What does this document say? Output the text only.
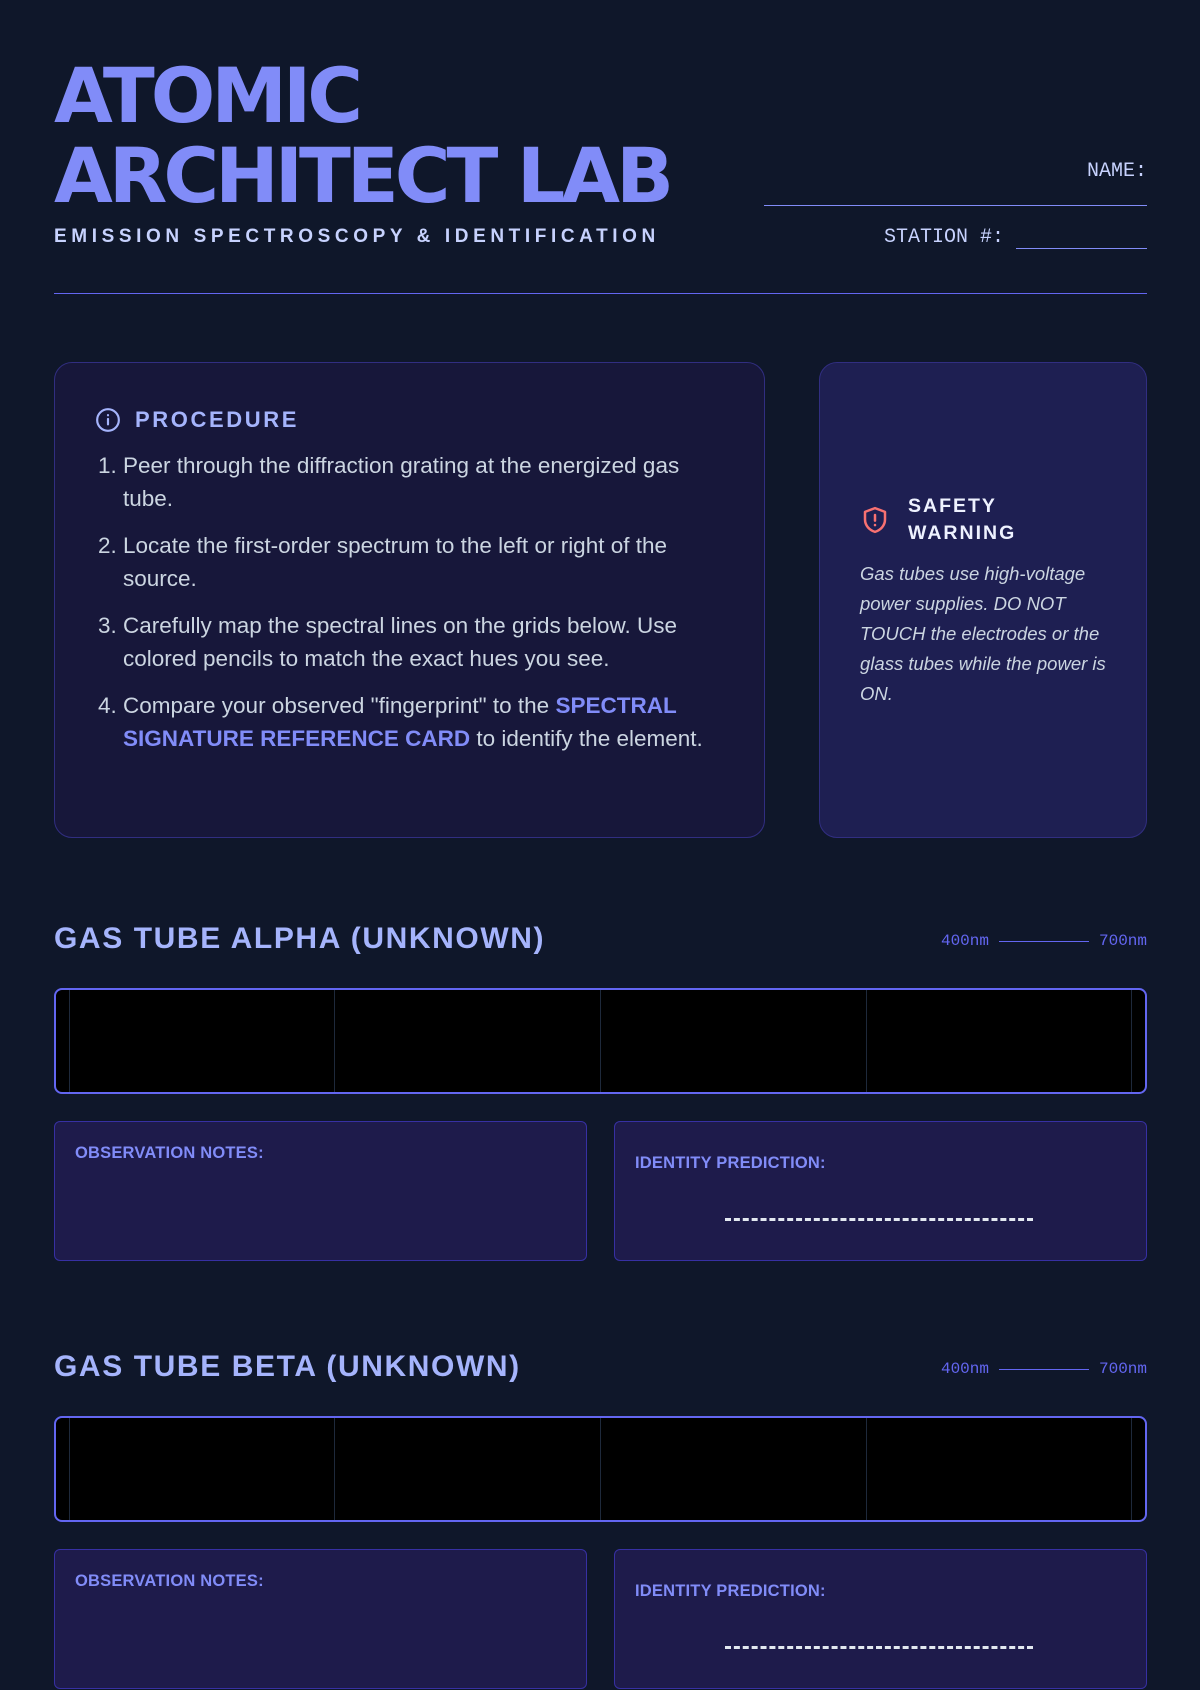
ATOMIC
ARCHITECT LAB
EMISSION SPECTROSCOPY & IDENTIFICATION
NAME:
STATION #:
PROCEDURE
1. Peer through the diffraction grating at the energized gas tube.
2. Locate the first-order spectrum to the left or right of the source.
3. Carefully map the spectral lines on the grids below. Use colored pencils to match the exact hues you see.
4. Compare your observed "fingerprint" to the SPECTRAL SIGNATURE REFERENCE CARD to identify the element.
SAFETY WARNING
Gas tubes use high-voltage power supplies. DO NOT TOUCH the electrodes or the glass tubes while the power is ON.
GAS TUBE ALPHA (UNKNOWN)	400nm	700nm
OBSERVATION NOTES:
IDENTITY PREDICTION:
GAS TUBE BETA (UNKNOWN)	400nm	700nm
OBSERVATION NOTES:
IDENTITY PREDICTION:
